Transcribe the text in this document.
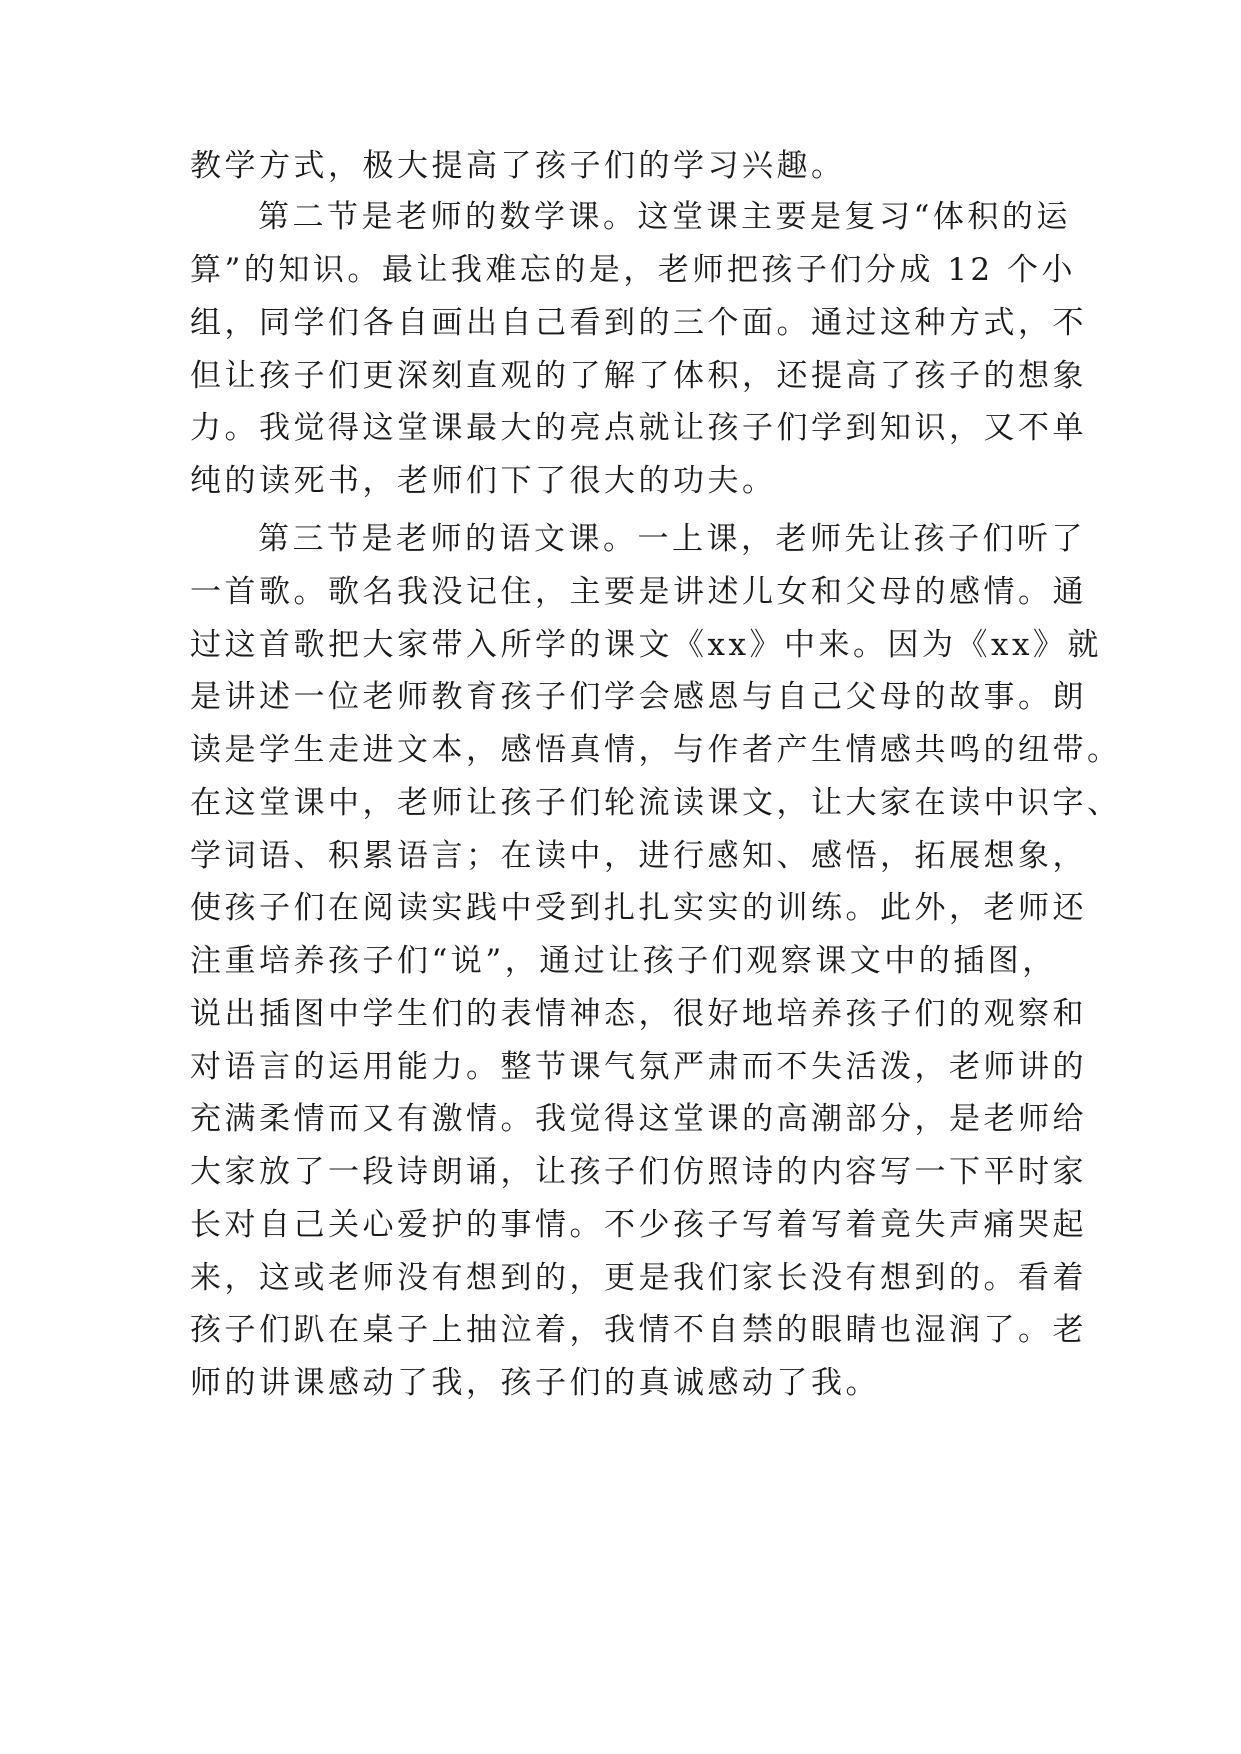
教学方式，极大提高了孩子们的学习兴趣。
第二节是老师的数学课。这堂课主要是复习“体积的运
算”的知识。最让我难忘的是，老师把孩子们分成 12 个小
组，同学们各自画出自己看到的三个面。通过这种方式，不
但让孩子们更深刻直观的了解了体积，还提高了孩子的想象
力。我觉得这堂课最大的亮点就让孩子们学到知识，又不单
纯的读死书，老师们下了很大的功夫。
第三节是老师的语文课。一上课，老师先让孩子们听了
一首歌。歌名我没记住，主要是讲述儿女和父母的感情。通
过这首歌把大家带入所学的课文《xx》中来。因为《xx》就
是讲述一位老师教育孩子们学会感恩与自己父母的故事。朗
读是学生走进文本，感悟真情，与作者产生情感共鸣的纽带。
在这堂课中，老师让孩子们轮流读课文，让大家在读中识字、
学词语、积累语言；在读中，进行感知、感悟，拓展想象，
使孩子们在阅读实践中受到扎扎实实的训练。此外，老师还
注重培养孩子们“说”，通过让孩子们观察课文中的插图，
说出插图中学生们的表情神态，很好地培养孩子们的观察和
对语言的运用能力。整节课气氛严肃而不失活泼，老师讲的
充满柔情而又有激情。我觉得这堂课的高潮部分，是老师给
大家放了一段诗朗诵，让孩子们仿照诗的内容写一下平时家
长对自己关心爱护的事情。不少孩子写着写着竟失声痛哭起
来，这或老师没有想到的，更是我们家长没有想到的。看着
孩子们趴在桌子上抽泣着，我情不自禁的眼睛也湿润了。老
师的讲课感动了我，孩子们的真诚感动了我。
